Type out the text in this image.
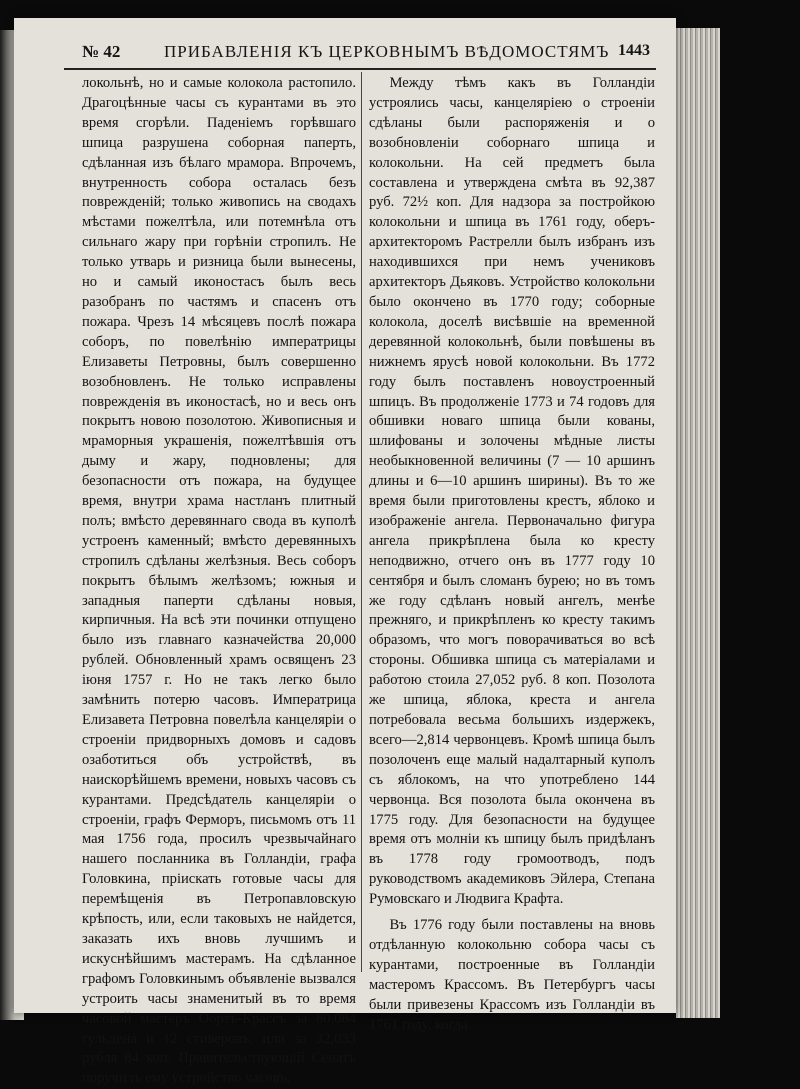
№ 42	ПРИБАВЛЕНІЯ КЪ ЦЕРКОВНЫМЪ ВѢДОМОСТЯМЪ 1443

локольнѣ, но и самые колокола растопило. Драгоцѣнные часы съ курантами въ это время сгорѣли. Паденіемъ горѣвшаго шпица разрушена соборная паперть, сдѣланная изъ бѣлаго мрамора. Впрочемъ, внутренность собора осталась безъ поврежденій; только живопись на сводахъ мѣстами пожелтѣла, или потемнѣла отъ сильнаго жару при горѣніи стропилъ. Не только утварь и ризница были вынесены, но и самый иконостасъ былъ весь разобранъ по частямъ и спасенъ отъ пожара. Чрезъ 14 мѣсяцевъ послѣ пожара соборъ, по повелѣнію императрицы Елизаветы Петровны, былъ совершенно возобновленъ. Не только исправлены поврежденія въ иконостасѣ, но и весь онъ покрытъ новою позолотою. Живописныя и мраморныя украшенія, пожелтѣвшія отъ дыму и жару, подновлены; для безопасности отъ пожара, на будущее время, внутри храма настланъ плитный полъ; вмѣсто деревяннаго свода въ куполѣ устроенъ каменный; вмѣсто деревянныхъ стропилъ сдѣланы желѣзныя. Весь соборъ покрытъ бѣлымъ желѣзомъ; южныя и западныя паперти сдѣланы новыя, кирпичныя. На всѣ эти починки отпущено было изъ главнаго казначейства 20,000 рублей. Обновленный храмъ освященъ 23 іюня 1757 г. Но не такъ легко было замѣнить потерю часовъ. Императрица Елизавета Петровна повелѣла канцеляріи о строеніи придворныхъ домовъ и садовъ озаботиться объ устройствѣ, въ наискорѣйшемъ времени, новыхъ часовъ съ курантами. Предсѣдатель канцеляріи о строеніи, графъ Ферморъ, письмомъ отъ 11 мая 1756 года, просилъ чрезвычайнаго нашего посланника въ Голландіи, графа Головкина, пріискать готовые часы для перемѣщенія въ Петропавловскую крѣпость, или, если таковыхъ не найдется, заказать ихъ вновь лучшимъ и искуснѣйшимъ мастерамъ. На сдѣланное графомъ Головкинымъ объявленіе вызвался устроить часы знаменитый въ то время часовой мастеръ Оортъ-Крассъ за 80,084 гульдена и 12 стиверовъ, или за 32,033 рубля 84 коп. Правительствующій Сенатъ поручилъ ему устройство часовъ.

Между тѣмъ какъ въ Голландіи устроялись часы, канцеляріею о строеніи сдѣланы были распоряженія и о возобновленіи соборнаго шпица и колокольни. На сей предметъ была составлена и утверждена смѣта въ 92,387 руб. 72½ коп. Для надзора за постройкою колокольни и шпица въ 1761 году, оберъ-архитекторомъ Растрелли былъ избранъ изъ находившихся при немъ учениковъ архитекторъ Дьяковъ. Устройство колокольни было окончено въ 1770 году; соборные колокола, доселѣ висѣвшіе на временной деревянной колокольнѣ, были повѣшены въ нижнемъ ярусѣ новой колокольни. Въ 1772 году былъ поставленъ новоустроенный шпицъ. Въ продолженіе 1773 и 74 годовъ для обшивки новаго шпица были кованы, шлифованы и золочены мѣдные листы необыкновенной величины (7 — 10 аршинъ длины и 6—10 аршинъ ширины). Въ то же время были приготовлены крестъ, яблоко и изображеніе ангела. Первоначально фигура ангела прикрѣплена была ко кресту неподвижно, отчего онъ въ 1777 году 10 сентября и былъ сломанъ бурею; но въ томъ же году сдѣланъ новый ангелъ, менѣе прежняго, и прикрѣпленъ ко кресту такимъ образомъ, что могъ поворачиваться во всѣ стороны. Обшивка шпица съ матеріалами и работою стоила 27,052 руб. 8 коп. Позолота же шпица, яблока, креста и ангела потребовала весьма большихъ издержекъ, всего—2,814 червонцевъ. Кромѣ шпица былъ позолоченъ еще малый надалтарный куполъ съ яблокомъ, на что употреблено 144 червонца. Вся позолота была окончена въ 1775 году. Для безопасности на будущее время отъ молніи къ шпицу былъ придѣланъ въ 1778 году громоотводъ, подъ руководствомъ академиковъ Эйлера, Степана Румовскаго и Людвига Крафта.

Въ 1776 году были поставлены на вновь отдѣланную колокольню собора часы съ курантами, построенные въ Голландіи мастеромъ Крассомъ. Въ Петербургъ часы были привезены Крассомъ изъ Голландіи въ 1761 году, когда
